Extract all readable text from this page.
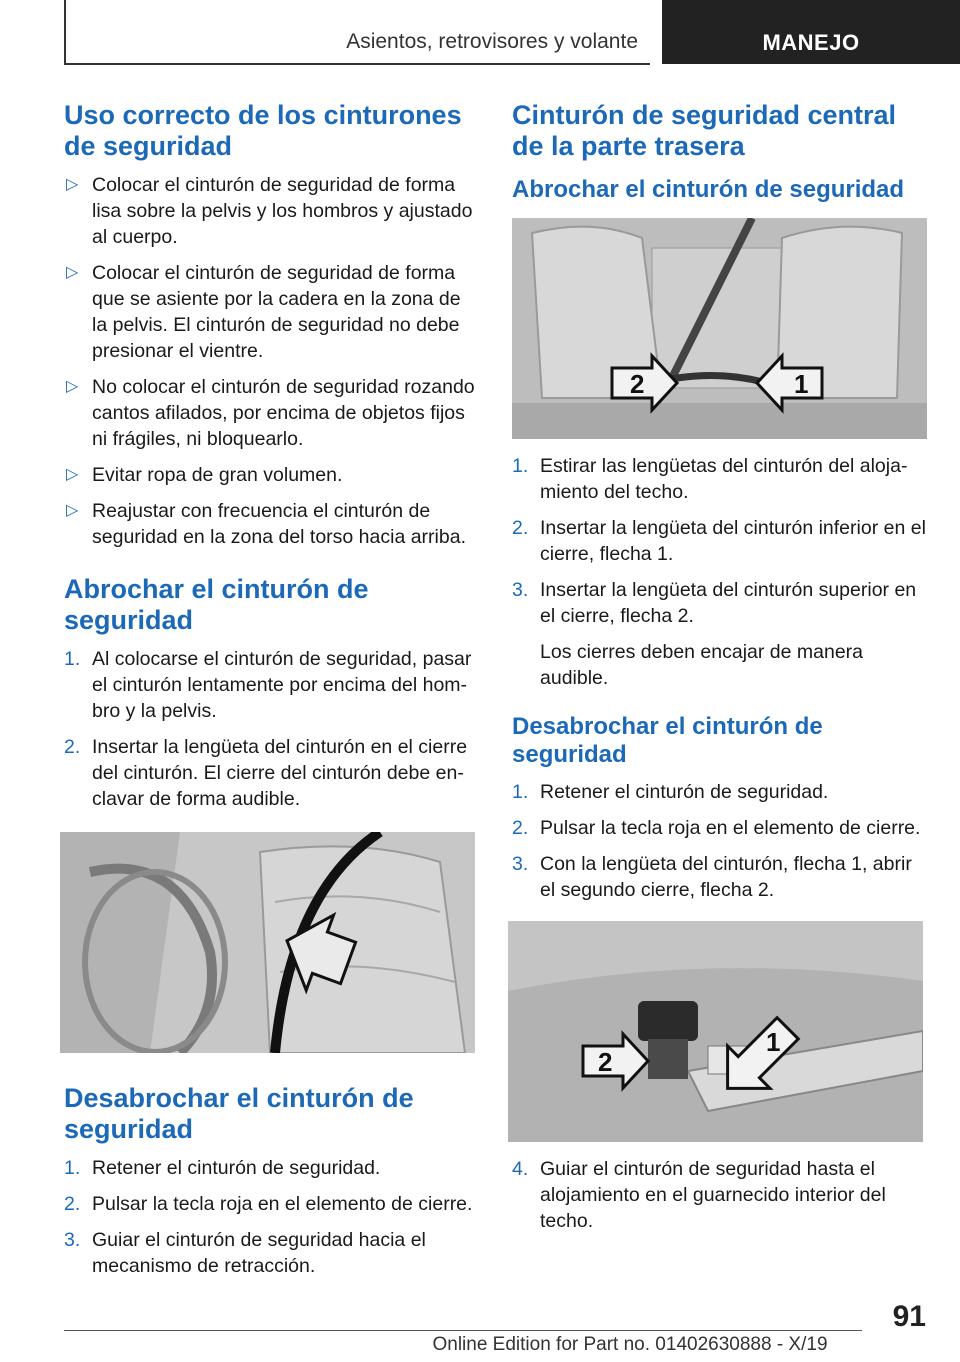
Asientos, retrovisores y volante	MANEJO
Uso correcto de los cinturones de seguridad
▷ Colocar el cinturón de seguridad de forma lisa sobre la pelvis y los hombros y ajustado al cuerpo.
▷ Colocar el cinturón de seguridad de forma que se asiente por la cadera en la zona de la pelvis. El cinturón de seguridad no debe presionar el vientre.
▷ No colocar el cinturón de seguridad rozando cantos afilados, por encima de objetos fijos ni frágiles, ni bloquearlo.
▷ Evitar ropa de gran volumen.
▷ Reajustar con frecuencia el cinturón de seguridad en la zona del torso hacia arriba.
Abrochar el cinturón de seguridad
1. Al colocarse el cinturón de seguridad, pasar el cinturón lentamente por encima del hombro y la pelvis.
2. Insertar la lengüeta del cinturón en el cierre del cinturón. El cierre del cinturón debe enclavar de forma audible.
Desabrochar el cinturón de seguridad
1. Retener el cinturón de seguridad.
2. Pulsar la tecla roja en el elemento de cierre.
3. Guiar el cinturón de seguridad hacia el mecanismo de retracción.
Cinturón de seguridad central de la parte trasera
Abrochar el cinturón de seguridad
2	1
1. Estirar las lengüetas del cinturón del alojamiento del techo.
2. Insertar la lengüeta del cinturón inferior en el cierre, flecha 1.
3. Insertar la lengüeta del cinturón superior en el cierre, flecha 2.
Los cierres deben encajar de manera audible.
Desabrochar el cinturón de seguridad
1. Retener el cinturón de seguridad.
2. Pulsar la tecla roja en el elemento de cierre.
3. Con la lengüeta del cinturón, flecha 1, abrir el segundo cierre, flecha 2.
2
1
4. Guiar el cinturón de seguridad hasta el alojamiento en el guarnecido interior del techo.
91
Online Edition for Part no. 01402630888 - X/19
